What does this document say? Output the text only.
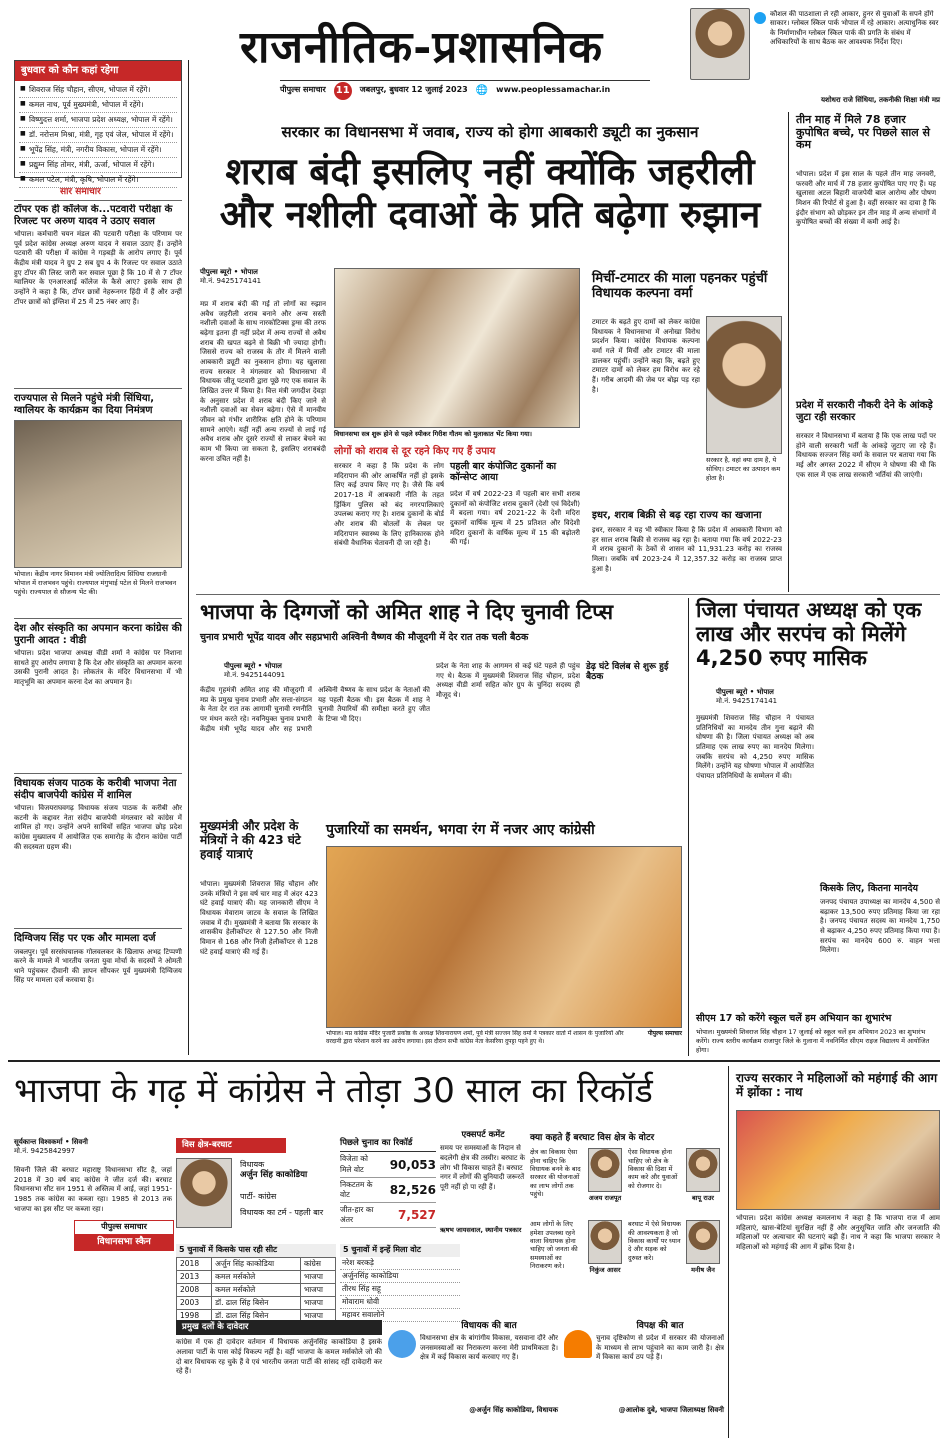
राजनीतिक-प्रशासनिक
पीपुल्स समाचार 11 जबलपुर, बुधवार 12 जुलाई 2023 🌐 www.peoplessamachar.in
कौशल की पाठशाला ले रही आकार, हुनर से युवाओं के सपने होंगे साकार। ग्लोबल स्किल पार्क भोपाल में रहे आकार। अत्याधुनिक स्वर के निर्माणाधीन ग्लोबल स्किल पार्क की प्रगति के संबंध में अधिकारियों के साथ बैठक कर आवश्यक निर्देश दिए।
यशोधरा राजे सिंधिया, तकनीकी शिक्षा मंत्री मप्र
बुधवार को कौन कहां रहेगा
■ शिवराज सिंह चौहान, सीएम, भोपाल में रहेंगे।
■ कमल नाथ, पूर्व मुख्यमंत्री, भोपाल में रहेंगे।
■ विष्णुदत्त शर्मा, भाजपा प्रदेश अध्यक्ष, भोपाल में रहेंगे।
■ डॉ. नरोत्तम मिश्रा, मंत्री, गृह एवं जेल, भोपाल में रहेंगे।
■ भूपेंद्र सिंह, मंत्री, नगरीय विकास, भोपाल में रहेंगे।
■ प्रद्युम्न सिंह तोमर, मंत्री, ऊर्जा, भोपाल में रहेंगे।
■ कमल पटेल, मंत्री, कृषि, भोपाल में रहेंगे।
सार समाचार
टॉपर एक ही कॉलेज के...पटवारी परीक्षा के रिजल्ट पर अरुण यादव ने उठाए सवाल
भोपाल। कर्मचारी चयन मंडल की पटवारी परीक्षा के परिणाम पर पूर्व प्रदेश कांग्रेस अध्यक्ष अरुण यादव ने सवाल उठाए हैं। उन्होंने पटवारी की परीक्षा में कांग्रेस ने गड़बड़ी के आरोप लगाए हैं। पूर्व केंद्रीय मंत्री यादव ने ग्रुप 2 सब ग्रुप 4 के रिजल्ट पर सवाल उठाते हुए टॉपर की लिस्ट जारी कर सवाल पूछा है कि 10 में से 7 टॉपर ग्वालियर के एनआरआई कॉलेज के कैसे आए? इसके साथ ही उन्होंने ने कहा है कि, टॉपर छात्रों नेहरूनगर हिंदी में हैं और उन्हीं टॉपर छात्रों को इंग्लिश में 25 में 25 नंबर आए हैं।
राज्यपाल से मिलने पहुंचे मंत्री सिंधिया, ग्वालियर के कार्यक्रम का दिया निमंत्रण
भोपाल। केंद्रीय नागर विमानन मंत्री ज्योतिरादित्य सिंधिया राजधानी भोपाल में राजभवन पहुंचे। राज्यपाल मंगुभाई पटेल से मिलने राजभवन पहुंचे। राज्यपाल से सौजन्य भेंट की।
देश और संस्कृति का अपमान करना कांग्रेस की पुरानी आदत : वीडी
भोपाल। प्रदेश भाजपा अध्यक्ष वीडी शर्मा ने कांग्रेस पर निशाना साधते हुए आरोप लगाया है कि देश और संस्कृति का अपमान करना उसकी पुरानी आदत है। लोकतंत्र के मंदिर विधानसभा में भी मातृभूमि का अपमान करना देश का अपमान है।
विधायक संजय पाठक के करीबी भाजपा नेता संदीप बाजपेयी कांग्रेस में शामिल
भोपाल। विजयराघवगढ़ विधायक संजय पाठक के करीबी और कटनी के कद्दावर नेता संदीप बाजपेयी मंगलवार को कांग्रेस में शामिल हो गए। उन्होंने अपने साथियों सहित भाजपा छोड़ प्रदेश कांग्रेस मुख्यालय में आयोजित एक समारोह के दौरान कांग्रेस पार्टी की सदस्यता ग्रहण की।
दिग्विजय सिंह पर एक और मामला दर्ज
जबलपुर। पूर्व सरसंघचालक गोलवलकर के खिलाफ अभद्र टिप्पणी करने के मामले में भारतीय जनता युवा मोर्चा के सदस्यों ने ओमती थाने पहुंचकर दीवानी की ज्ञापन सौंपकर पूर्व मुख्यमंत्री दिग्विजय सिंह पर मामला दर्ज करवाया है।
सरकार का विधानसभा में जवाब, राज्य को होगा आबकारी ड्यूटी का नुकसान
शराब बंदी इसलिए नहीं क्योंकि जहरीली और नशीली दवाओं के प्रति बढ़ेगा रुझान
पीपुल्स ब्यूरो • भोपाल
मो.नं. 9425174141
मप्र में शराब बंदी की गई तो लोगों का रुझान अवैध जहरीली शराब बनाने और अन्य सस्ती नशीली दवाओं के साथ नारकोटिक्स ड्रग्स की तरफ बढ़ेगा इतना ही नहीं प्रदेश में अन्य राज्यों से अवैध शराब की खपत बढ़ने से बिक्री भी ज्यादा होगी। जिससे राज्य को राजस्व के तौर में मिलने वाली आबकारी ड्यूटी का नुकसान होगा। यह खुलासा राज्य सरकार ने मंगलवार को विधानसभा में विधायक जीतू पटवारी द्वारा पूछे गए एक सवाल के लिखित उत्तर में किया है। वित्त मंत्री जगदीश देवड़ा के अनुसार प्रदेश में शराब बंदी किए जाने से नशीली दवाओं का सेवन बढ़ेगा। ऐसे में मानवीय जीवन को गंभीर शारीरिक क्षति होने के परिणाम सामने आएंगे। यहीं नहीं अन्य राज्यों से लाई गई अवैध शराब और दूसरे राज्यों से लाकर बेचने का काम भी किया जा सकता है, इसलिए शराबबंदी करना उचित नहीं है।
विधानसभा सत्र शुरू होने से पहले स्पीकर गिरीश गौतम को मुलाकात भेंट किया गया।
लोगों को शराब से दूर रहने किए गए हैं उपाय
सरकार ने कहा है कि प्रदेश के लोग मदिरापान की ओर आकर्षित नहीं हो इसके लिए कई उपाय किए गए है। जैसे कि वर्ष 2017-18 में आबकारी नीति के तहत ड्रिंकिंग पुलिस को बंद नगरपालिकाएं उपलब्ध कराए गए है। शराब दुकानों के बोर्ड और शराब की बोतलों के लेबल पर मदिरापान स्वास्थ्य के लिए हानिकारक होने संबंधी वैधानिक चेतावनी दी जा रही है।
पहली बार कंपोजिट दुकानों का कॉन्सेप्ट आया
प्रदेश में वर्ष 2022-23 में पहली बार सभी शराब दुकानों को कंपोजिट शराब दुकानें (देशी एवं विदेशी) में बदला गया। वर्ष 2021-22 के देशी मदिरा दुकानों वार्षिक मूल्य में 25 प्रतिशत और विदेशी मदिरा दुकानों के वार्षिक मूल्य में 15 की बढ़ोतरी की गई।
मिर्ची-टमाटर की माला पहनकर पहुंचीं विधायक कल्पना वर्मा
टमाटर के बढ़ते हुए दामों को लेकर कांग्रेस विधायक ने विधानसभा में अनोखा विरोध प्रदर्शन किया। कांग्रेस विधायक कल्पना वर्मा गले में मिर्ची और टमाटर की माला डालकर पहुंचीं। उन्होंने कहा कि, बढ़ते हुए टमाटर दामों को लेकर हम विरोध कर रहे हैं। गरीब आदमी की जेब पर बोझ पड़ रहा है।
सरकार है, वहां क्या दाम है, ये सोचिए। टमाटर का उत्पादन कम होता है।
इधर, शराब बिक्री से बढ़ रहा राज्य का खजाना
इधर, सरकार ने यह भी स्वीकार किया है कि प्रदेश में आबकारी विभाग को हर साल शराब बिक्री से राजस्व बढ़ रहा है। बताया गया कि वर्ष 2022-23 में शराब दुकानों के ठेकों से शासन को 11,931.23 करोड़ का राजस्व मिला। जबकि वर्ष 2023-24 में 12,357.32 करोड़ का राजस्व प्राप्त हुआ है।
तीन माह में मिले 78 हजार कुपोषित बच्चे, पर पिछले साल से कम
भोपाल। प्रदेश में इस साल के पहले तीन माह जनवरी, फरवरी और मार्च में 78 हजार कुपोषित पाए गए हैं। यह खुलासा अटल बिहारी वाजपेयी बाल आरोग्य और पोषण मिशन की रिपोर्ट से हुआ है। वहीं सरकार का दावा है कि इंदौर संभाग को छोड़कर इन तीन माह में अन्य संभागों में कुपोषित बच्चों की संख्या में कमी आई है।
प्रदेश में सरकारी नौकरी देने के आंकड़े जुटा रही सरकार
सरकार ने विधानसभा में बताया है कि एक लाख पदों पर होने वाली सरकारी भर्ती के आंकड़े जुटाए जा रहे हैं। विधायक सज्जन सिंह वर्मा के सवाल पर बताया गया कि मई और अगस्त 2022 में सीएम ने घोषणा की थी कि एक साल में एक लाख सरकारी भर्तियां की जाएंगी।
भाजपा के दिग्गजों को अमित शाह ने दिए चुनावी टिप्स
चुनाव प्रभारी भूपेंद्र यादव और सहप्रभारी अश्विनी वैष्णव की मौजूदगी में देर रात तक चली बैठक
पीपुल्स ब्यूरो • भोपाल
मो.नं. 9425144091
केंद्रीय गृहमंत्री अमित शाह की मौजूदगी में मप्र के प्रमुख चुनाव प्रभारी और सत्ता-संगठन के नेता देर रात तक आगामी चुनावी रणनीति पर मंथन करते रहे। नवनियुक्त चुनाव प्रभारी केंद्रीय मंत्री भूपेंद्र यादव और सह प्रभारी अश्विनी वैष्णव के साथ प्रदेश के नेताओं की यह पहली बैठक थी। इस बैठक में शाह ने चुनावी तैयारियों की समीक्षा करते हुए जीत के टिप्स भी दिए।
डेढ़ घंटे विलंब से शुरू हुई बैठक
प्रदेश के नेता शाह के आगमन से कई घंटे पहले ही पहुंच गए थे। बैठक में मुख्यमंत्री शिवराज सिंह चौहान, प्रदेश अध्यक्ष वीडी शर्मा सहित कोर ग्रुप के चुनिंदा सदस्य ही मौजूद थे।
मुख्यमंत्री और प्रदेश के मंत्रियों ने की 423 घंटे हवाई यात्राएं
भोपाल। मुख्यमंत्री शिवराज सिंह चौहान और उनके मंत्रियों ने इस वर्ष चार माह में अंदर 423 घंटे हवाई यात्राएं की। यह जानकारी सीएम ने विधायक मेवाराम जाटव के सवाल के लिखित जवाब में दी। मुख्यमंत्री ने बताया कि सरकार के शासकीय हेलीकॉप्टर से 127.50 और निजी विमान से 168 और निजी हेलीकॉप्टर से 128 घंटे हवाई यात्राएं की गई हैं।
पुजारियों का समर्थन, भगवा रंग में नजर आए कांग्रेसी
भोपाल। मप्र कांग्रेस मंदिर पुजारी प्रकोष्ठ के अध्यक्ष शिवनारायण शर्मा, पूर्व मंत्री सज्जन सिंह वर्मा ने पत्रकार वार्ता में शासन के पुजारियों और वरदानी द्वारा परेशान करने का आरोप लगाया। इस दौरान सभी कांग्रेस नेता केसरिया दुपट्टा पहने हुए थे।
पीपुल्स समाचार
जिला पंचायत अध्यक्ष को एक लाख और सरपंच को मिलेंगे 4,250 रुपए मासिक
पीपुल्स ब्यूरो • भोपाल
मो.नं. 9425174141
मुख्यमंत्री शिवराज सिंह चौहान ने पंचायत प्रतिनिधियों का मानदेय तीन गुना बढ़ाने की घोषणा की है। जिला पंचायत अध्यक्ष को अब प्रतिमाह एक लाख रुपए का मानदेय मिलेगा। जबकि सरपंच को 4,250 रुपए मासिक मिलेंगे। उन्होंने यह घोषणा भोपाल में आयोजित पंचायत प्रतिनिधियों के सम्मेलन में की।
किसके लिए, कितना मानदेय
जनपद पंचायत उपाध्यक्ष का मानदेय 4,500 से बढ़ाकर 13,500 रुपए प्रतिमाह किया जा रहा है। जनपद पंचायत सदस्य का मानदेय 1,750 से बढ़ाकर 4,250 रुपए प्रतिमाह किया गया है। सरपंच का मानदेय 600 रु. वाहन भत्ता मिलेगा।
सीएम 17 को करेंगे स्कूल चलें हम अभियान का शुभारंभ
भोपाल। मुख्यमंत्री शिवराज सिंह चौहान 17 जुलाई को स्कूल चलें हम अभियान 2023 का शुभारंभ करेंगे। राज्य स्तरीय कार्यक्रम राजापुर जिले के गुलाना में नवनिर्मित सीएम राइज विद्यालय में आयोजित होगा।
भाजपा के गढ़ में कांग्रेस ने तोड़ा 30 साल का रिकॉर्ड
सूर्यकान्त विश्वकर्मा • सिवनी
मो.नं. 9425842997
सिवनी जिले की बरघाट महाराष्ट्र विधानसभा सीट है, जहां 2018 में 30 वर्ष बाद कांग्रेस ने जीत दर्ज की। बरघाट विधानसभा सीट सन 1951 से अस्तित्व में आई, जहां 1951-1985 तक कांग्रेस का कब्जा रहा। 1985 से 2013 तक भाजपा का इस सीट पर कब्जा रहा।
पीपुल्स समाचार
विधानसभा स्कैन
विस क्षेत्र-बरघाट
विधायक
अर्जुन सिंह काकोडिया
पार्टी- कांग्रेस
विधायक का टर्म - पहली बार
5 चुनावों में किसके पास रही सीट
2018	अर्जुन सिंह काकोडिया	कांग्रेस
2013	कमल मर्सकोले	भाजपा
2008	कमल मर्सकोले	भाजपा
2003	डॉ. ढाल सिंह बिसेन	भाजपा
1998	डॉ. ढाल सिंह बिसेन	भाजपा
पिछले चुनाव का रिकॉर्ड
विजेता को मिले वोट	90,053
निकटतम के वोट	82,526
जीत-हार का अंतर	7,527
5 चुनावों में इन्हें मिला वोट
नरेश बरकड़े
अर्जुनसिंह काकोडिया
तीरथ सिंह सहू
मोवाराम धोवी
महावर सवालोने
एक्सपर्ट कमेंट
समय पर समस्याओं के निदान से बदलेगी क्षेत्र की तस्वीर। बरघाट के लोग भी विकास चाहते हैं। बरघाट नगर में लोगों की बुनियादी जरूरतें पूरी नहीं हो पा रही हैं।
ऋषभ जायसवाल, स्थानीय पत्रकार
क्या कहते हैं बरघाट विस क्षेत्र के वोटर
क्षेत्र का विकास ऐसा होना चाहिए कि विधायक बनने के बाद सरकार की योजनाओं का लाभ लोगों तक पहुंचे।	अजय राजपूत
ऐसा विधायक होना चाहिए जो क्षेत्र के विकास की दिशा में काम करे और युवाओं को रोजगार दे।
बापू राउर
आम लोगों के लिए हमेशा उपलब्ध रहने वाला विधायक होना चाहिए जो जनता की समस्याओं का निराकरण करे।	निकुंज आसर
बरघाट में ऐसे विधायक की आवश्यकता है जो विकास कार्यों पर ध्यान दे और सड़क को दुरुस्त करे।
मनीष जैन
प्रमुख दलों के दावेदार
कांग्रेस में एक ही दावेदार वर्तमान में विधायक अर्जुनसिंह काकोडिया है इसके अलावा पार्टी के पास कोई विकल्प नहीं है। वहीं भाजपा के कमल मर्सकोले जो की दो बार विधायक रह चुके हैं वे एवं भारतीय जनता पार्टी की सांसद रहीं दावेदारी कर रहे हैं।
विधायक की बात
विधानसभा क्षेत्र के बांगांगीय विकास, यसवाना दौरे और जनसमस्याओं का निराकरण करना मेरी प्राथमिकता है। क्षेत्र में कई विकास कार्य करवाए गए हैं।
@अर्जुन सिंह काकोडिया, विधायक
विपक्ष की बात
चुनाव दृष्टिकोण से प्रदेश में सरकार की योजनाओं के माध्यम से लाभ पहुंचाने का काम जारी है। क्षेत्र में विकास कार्य ठप पड़े हैं।
@आलोक दुबे, भाजपा जिलाध्यक्ष सिवनी
राज्य सरकार ने महिलाओं को महंगाई की आग में झोंका : नाथ
भोपाल। प्रदेश कांग्रेस अध्यक्ष कमलनाथ ने कहा है कि भाजपा राज में आम महिलाएं, खास-बेटियां सुरक्षित नहीं हैं और अनुसूचित जाति और जनजाति की महिलाओं पर अत्याचार की घटनाएं बढ़ी हैं। नाथ ने कहा कि भाजपा सरकार ने महिलाओं को महंगाई की आग में झोंक दिया है।
